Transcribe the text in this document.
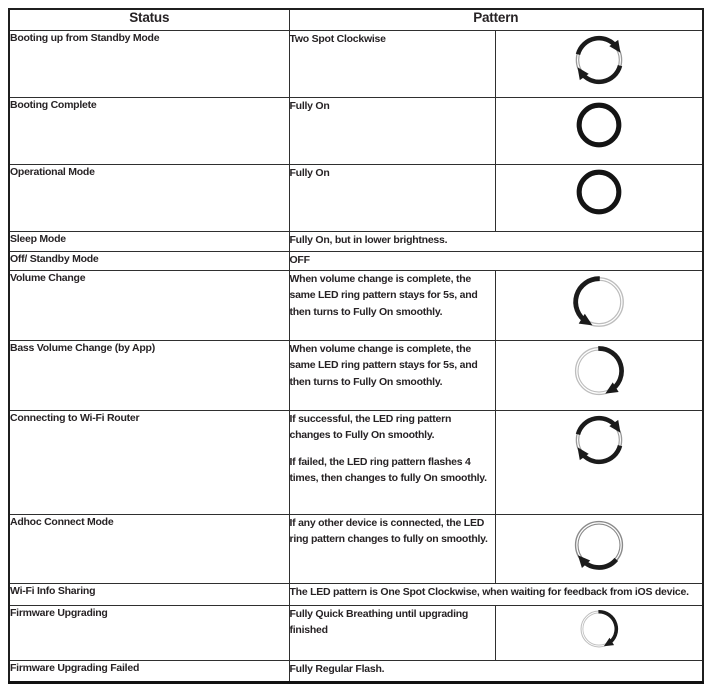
Status	Pattern	
Booting up from Standby Mode	Two Spot Clockwise

Booting Complete	Fully On

Operational Mode	Fully On

Sleep Mode	Fully On, but in lower brightness.	

Off/ Standby Mode	OFF	

Volume Change	When volume change is complete, the same LED ring pattern stays for 5s, and then turns to Fully On smoothly.

Bass Volume Change (by App)	When volume change is complete, the same LED ring pattern stays for 5s, and then turns to Fully On smoothly.

Connecting to Wi-Fi Router	If successful, the LED ring pattern changes to Fully On smoothly.

If failed, the LED ring pattern flashes 4 times, then changes to fully On smoothly.

Adhoc Connect Mode	If any other device is connected, the LED ring pattern changes to fully on smoothly.

Wi-Fi Info Sharing	The LED pattern is One Spot Clockwise, when waiting for feedback from iOS device.	

Firmware Upgrading	Fully Quick Breathing until upgrading finished

Firmware Upgrading Failed	Fully Regular Flash.	
